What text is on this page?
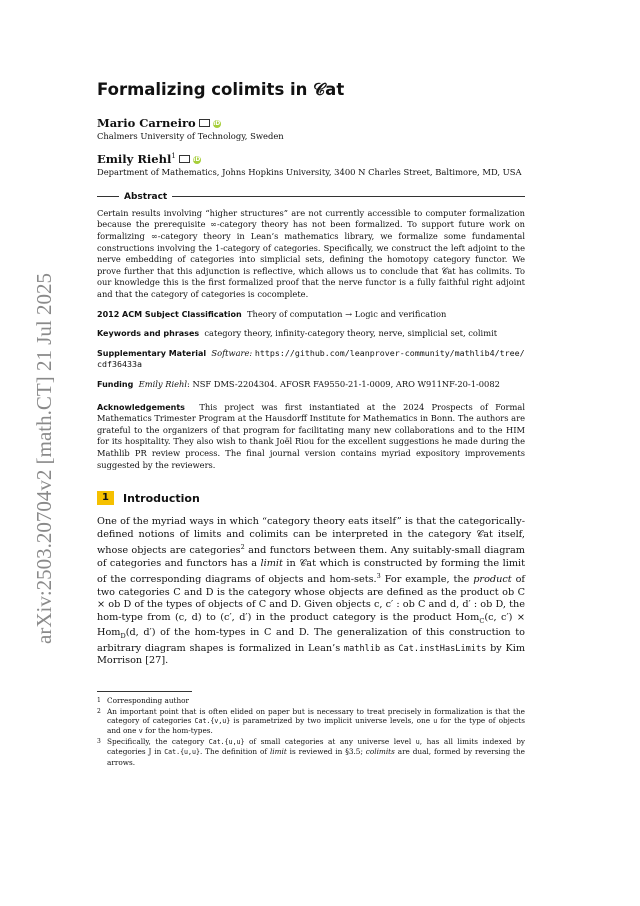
arXiv:2503.20704v2 [math.CT] 21 Jul 2025
Formalizing colimits in 𝒞at
Mario Carneiro	iD
Chalmers University of Technology, Sweden
Emily Riehl$^1$	iD
Department of Mathematics, Johns Hopkins University, 3400 N Charles Street, Baltimore, MD, USA
Abstract

Certain results involving “higher structures” are not currently accessible to computer formalization because the prerequisite ∞-category theory has not been formalized. To support future work on formalizing ∞-category theory in Lean’s mathematics library, we formalize some fundamental constructions involving the 1-category of categories. Specifically, we construct the left adjoint to the nerve embedding of categories into simplicial sets, defining the homotopy category functor. We prove further that this adjunction is reflective, which allows us to conclude that 𝒞at has colimits. To our knowledge this is the first formalized proof that the nerve functor is a fully faithful right adjoint and that the category of categories is cocomplete.

2012 ACM Subject Classification Theory of computation → Logic and verification

Keywords and phrases category theory, infinity-category theory, nerve, simplicial set, colimit

Supplementary Material Software: https://github.com/leanprover-community/mathlib4/tree/
cdf36433a

Funding Emily Riehl: NSF DMS-2204304. AFOSR FA9550-21-1-0009, ARO W911NF-20-1-0082

Acknowledgements This project was first instantiated at the 2024 Prospects of Formal Mathematics Trimester Program at the Hausdorff Institute for Mathematics in Bonn. The authors are grateful to the organizers of that program for facilitating many new collaborations and to the HIM for its hospitality. They also wish to thank Joël Riou for the excellent suggestions he made during the Mathlib PR review process. The final journal version contains myriad expository improvements suggested by the reviewers.

1	Introduction

One of the myriad ways in which “category theory eats itself” is that the categorically-defined notions of limits and colimits can be interpreted in the category 𝒞at itself, whose objects are categories$^2$ and functors between them. Any suitably-small diagram of categories and functors has a limit in 𝒞at which is constructed by forming the limit of the corresponding diagrams of objects and hom-sets.$^3$ For example, the product of two categories C and D is the category whose objects are defined as the product ob C × ob D of the types of objects of C and D. Given objects c, c′ : ob C and d, d′ : ob D, the hom-type from (c, d) to (c′, d′) in the product category is the product Hom$_C$(c, c′) × Hom$_D$(d, d′) of the hom-types in C and D. The generalization of this construction to arbitrary diagram shapes is formalized in Lean’s mathlib as Cat.instHasLimits by Kim Morrison [27].

1 Corresponding author
2 An important point that is often elided on paper but is necessary to treat precisely in formalization is that the category of categories Cat.{v,u} is parametrized by two implicit universe levels, one u for the type of objects and one v for the hom-types.
3 Specifically, the category Cat.{u,u} of small categories at any universe level u, has all limits indexed by categories J in Cat.{u,u}. The definition of limit is reviewed in §3.5; colimits are dual, formed by reversing the arrows.
